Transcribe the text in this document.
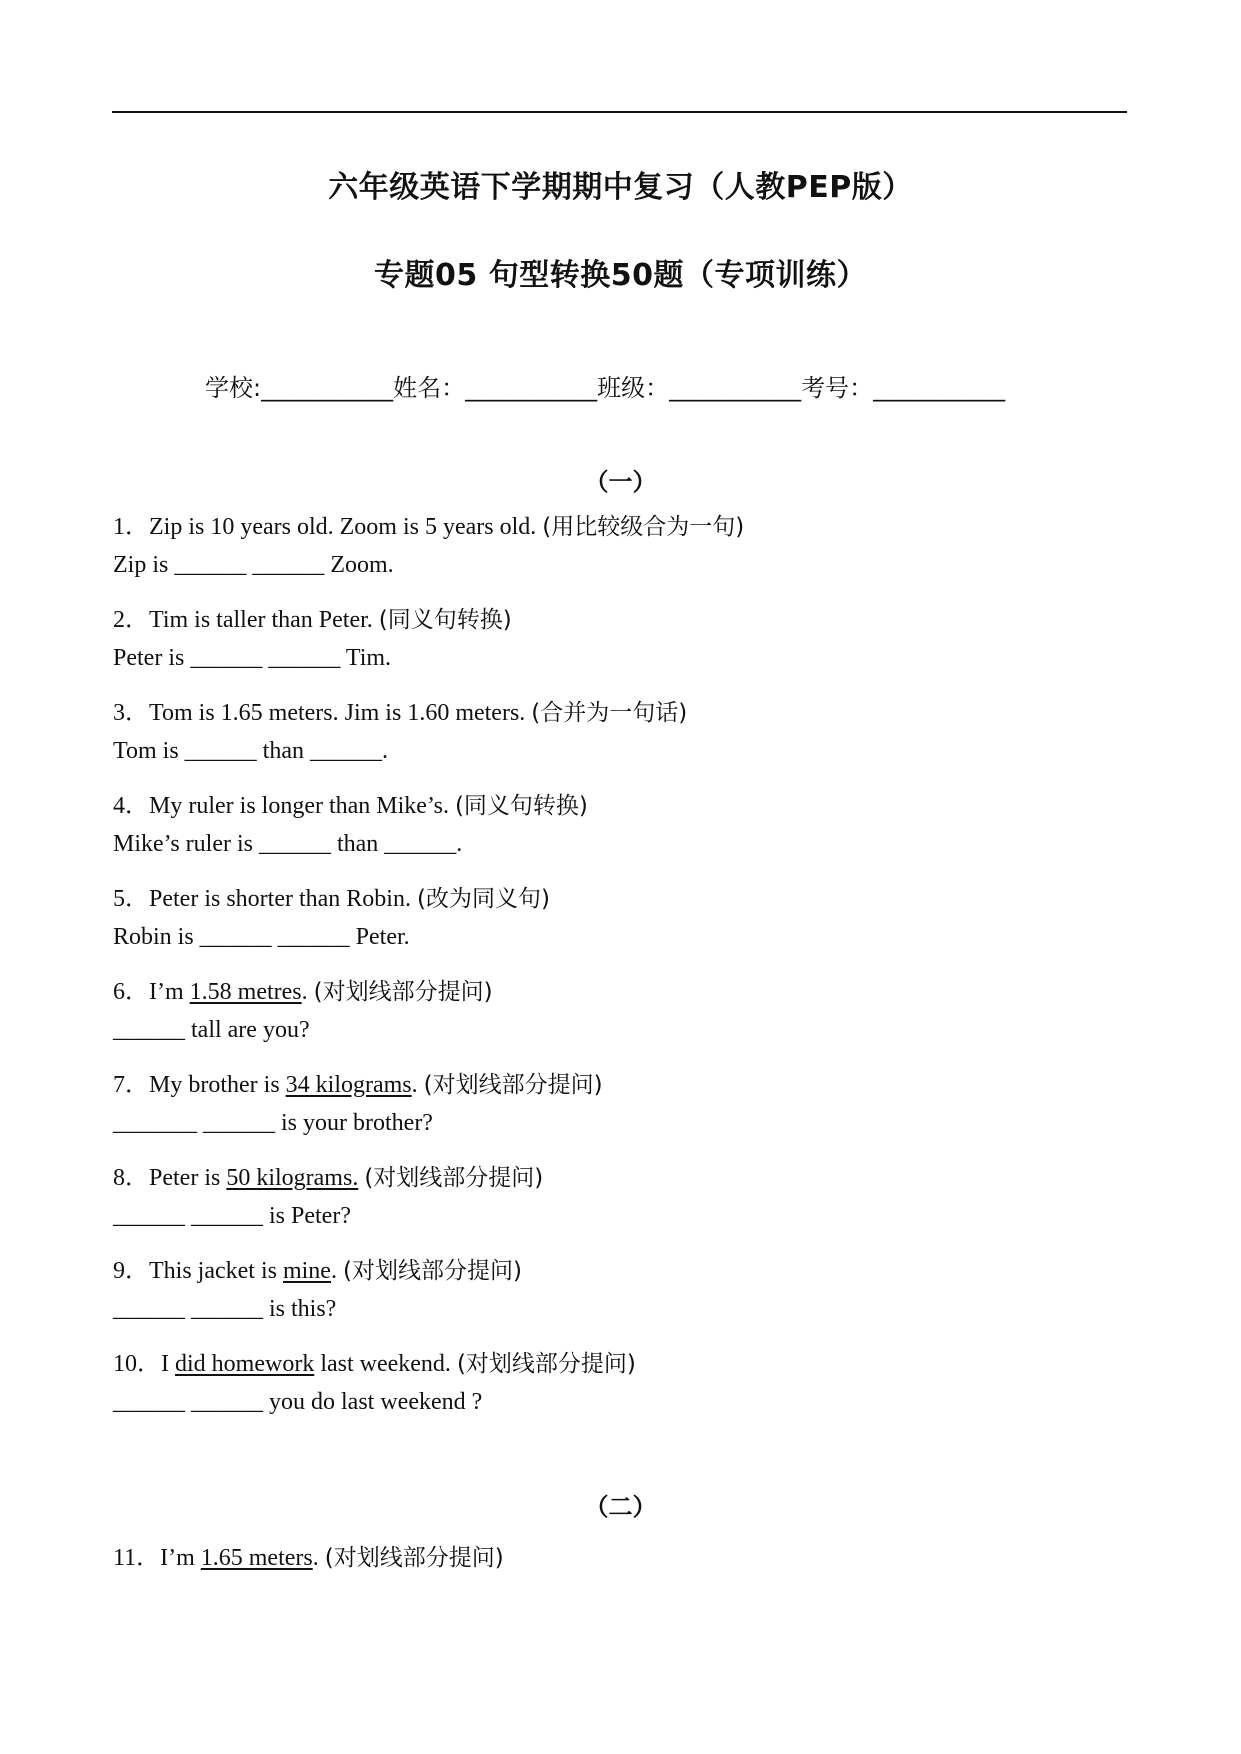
六年级英语下学期期中复习（人教PEP版）
专题05 句型转换50题（专项训练）
学校:___________姓名：___________班级：___________考号：___________
（一）
1．Zip is 10 years old. Zoom is 5 years old. (用比较级合为一句)
Zip is ______ ______ Zoom.
2．Tim is taller than Peter. (同义句转换)
Peter is ______ ______ Tim.
3．Tom is 1.65 meters. Jim is 1.60 meters. (合并为一句话)
Tom is ______ than ______.
4．My ruler is longer than Mike’s. (同义句转换)
Mike’s ruler is ______ than ______.
5．Peter is shorter than Robin. (改为同义句)
Robin is ______ ______ Peter.
6．I’m 1.58 metres. (对划线部分提问)
______ tall are you?
7．My brother is 34 kilograms. (对划线部分提问)
_______ ______ is your brother?
8．Peter is 50 kilograms. (对划线部分提问)
______ ______ is Peter?
9．This jacket is mine. (对划线部分提问)
______ ______ is this?
10．I did homework last weekend. (对划线部分提问)
______ ______ you do last weekend ?
11．I’m 1.65 meters. (对划线部分提问)
（二）
